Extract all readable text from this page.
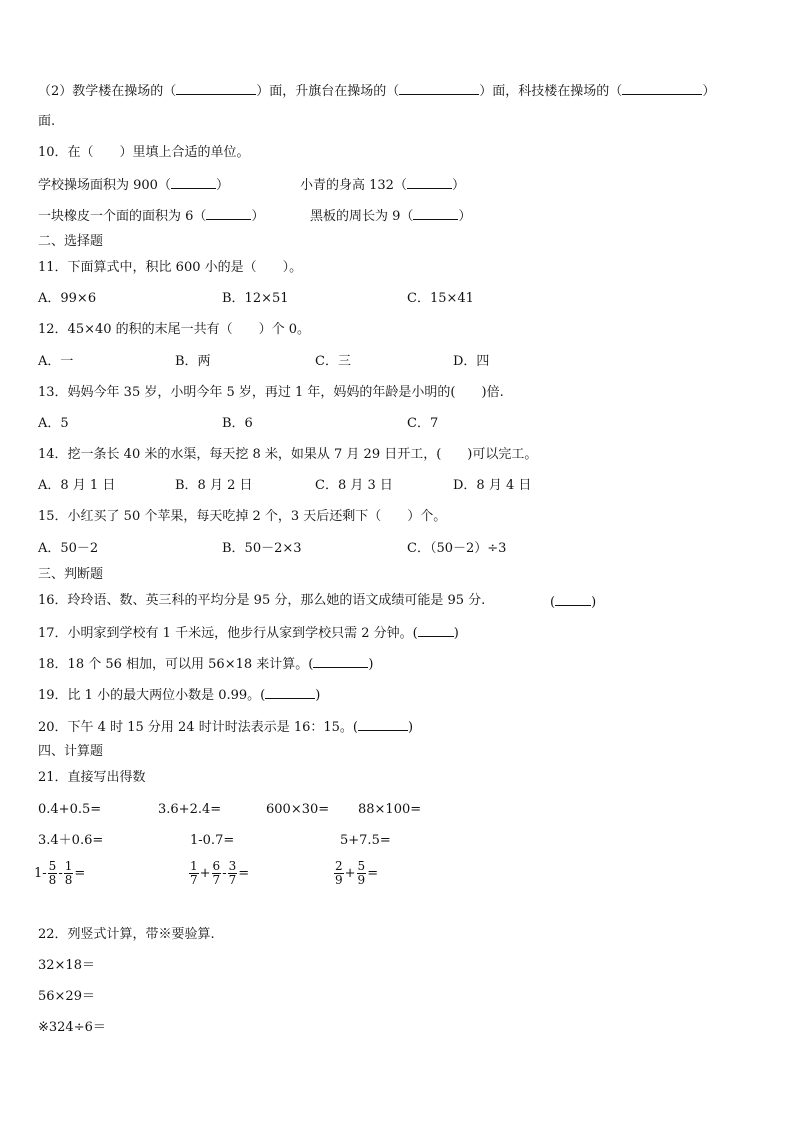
（2）教学楼在操场的（	）面，升旗台在操场的（	）面，科技楼在操场的（	）
面.
10．在（　　）里填上合适的单位。
学校操场面积为 900（	）	小青的身高 132（	）
一块橡皮一个面的面积为 6（	）	黑板的周长为 9（	）
二、选择题
11．下面算式中，积比 600 小的是（　　）。
A．99×6	B．12×51	C．15×41
12．45×40 的积的末尾一共有（　　）个 0。
A．一	B．两	C．三	D．四
13．妈妈今年 35 岁，小明今年 5 岁，再过 1 年，妈妈的年龄是小明的(　　)倍.
A．5	B．6	C．7
14．挖一条长 40 米的水渠，每天挖 8 米，如果从 7 月 29 日开工，(　　)可以完工。
A．8 月 1 日	B．8 月 2 日	C．8 月 3 日	D．8 月 4 日
15．小红买了 50 个苹果，每天吃掉 2 个，3 天后还剩下（　　）个。
A．50－2	B．50－2×3	C．（50－2）÷3
三、判断题
16．玲玲语、数、英三科的平均分是 95 分，那么她的语文成绩可能是 95 分.	(	)
17．小明家到学校有 1 千米远，他步行从家到学校只需 2 分钟。(	)
18．18 个 56 相加，可以用 56×18 来计算。(	)
19．比 1 小的最大两位小数是 0.99。(	)
20．下午 4 时 15 分用 24 时计时法表示是 16：15。(	)
四、计算题
21．直接写出得数
0.4+0.5=	3.6+2.4=	600×30= 88×100=
3.4＋0.6=	1-0.7=	5+7.5=
$1- \frac{5}{8} - \frac{1}{8}$ =	$\frac{1}{7} + \frac{6}{7} - \frac{3}{7}$ =	$\frac{2}{9} + \frac{5}{9}$ =
22．列竖式计算，带※要验算.
32×18＝
56×29＝
※324÷6＝
